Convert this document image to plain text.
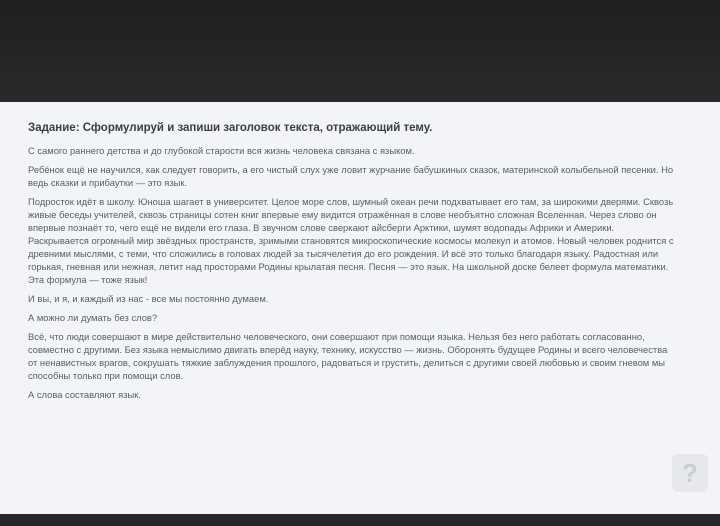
Задание: Сформулируй и запиши заголовок текста, отражающий тему.

С самого раннего детства и до глубокой старости вся жизнь человека связана с языком.

Ребёнок ещё не научился, как следует говорить, а его чистый слух уже ловит журчание бабушкиных сказок, материнской колыбельной песенки. Но ведь сказки и прибаутки — это язык.

Подросток идёт в школу. Юноша шагает в университет. Целое море слов, шумный океан речи подхватывает его там, за широкими дверями. Сквозь живые беседы учителей, сквозь страницы сотен книг впервые ему видится отражённая в слове необъятно сложная Вселенная. Через слово он впервые познаёт то, чего ещё не видели его глаза. В звучном слове сверкают айсберги Арктики, шумят водопады Африки и Америки. Раскрывается огромный мир звёздных пространств, зримыми становятся микроскопические космосы молекул и атомов. Новый человек роднится с древними мыслями, с теми, что сложились в головах людей за тысячелетия до его рождения. И всё это только благодаря языку. Радостная или горькая, гневная или нежная, летит над просторами Родины крылатая песня. Песня — это язык. На школьной доске белеет формула математики. Эта формула — тоже язык!

И вы, и я, и каждый из нас - все мы постоянно думаем.

А можно ли думать без слов?

Всё, что люди совершают в мире действительно человеческого, они совершают при помощи языка. Нельзя без него работать согласованно, совместно с другими. Без языка немыслимо двигать вперёд науку, технику, искусство — жизнь. Оборонять будущее Родины и всего человечества от ненавистных врагов, сокрушать тяжкие заблуждения прошлого, радоваться и грустить, делиться с другими своей любовью и своим гневом мы способны только при помощи слов.

А слова составляют язык.

?
